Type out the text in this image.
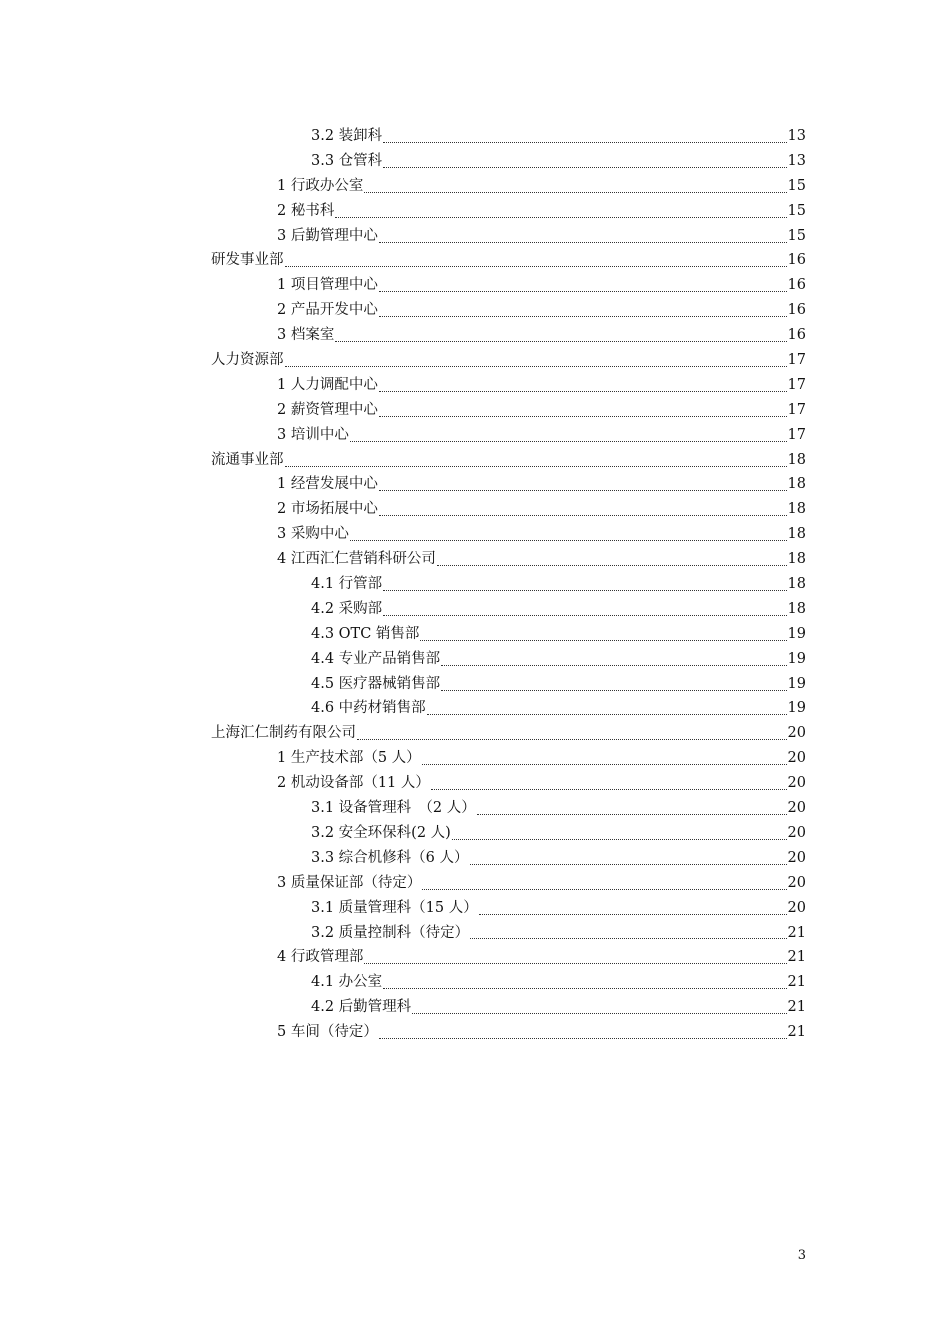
3.2 装卸科	13
3.3 仓管科	13
1 行政办公室	15
2 秘书科	15
3 后勤管理中心	15
研发事业部	16
1 项目管理中心	16
2 产品开发中心	16
3 档案室	16
人力资源部	17
1 人力调配中心	17
2 薪资管理中心	17
3 培训中心	17
流通事业部	18
1 经营发展中心	18
2 市场拓展中心	18
3 采购中心	18
4 江西汇仁营销科研公司	18
4.1 行管部	18
4.2 采购部	18
4.3 OTC 销售部	19
4.4 专业产品销售部	19
4.5 医疗器械销售部	19
4.6 中药材销售部	19
上海汇仁制药有限公司	20
1 生产技术部（5 人）	20
2 机动设备部（11 人）	20
3.1 设备管理科　（2 人）	20
3.2 安全环保科(2 人)	20
3.3 综合机修科（6 人）	20
3 质量保证部（待定）	20
3.1 质量管理科（15 人）	20
3.2 质量控制科（待定）	21
4 行政管理部	21
4.1 办公室	21
4.2 后勤管理科	21
5 车间（待定）	21
3
